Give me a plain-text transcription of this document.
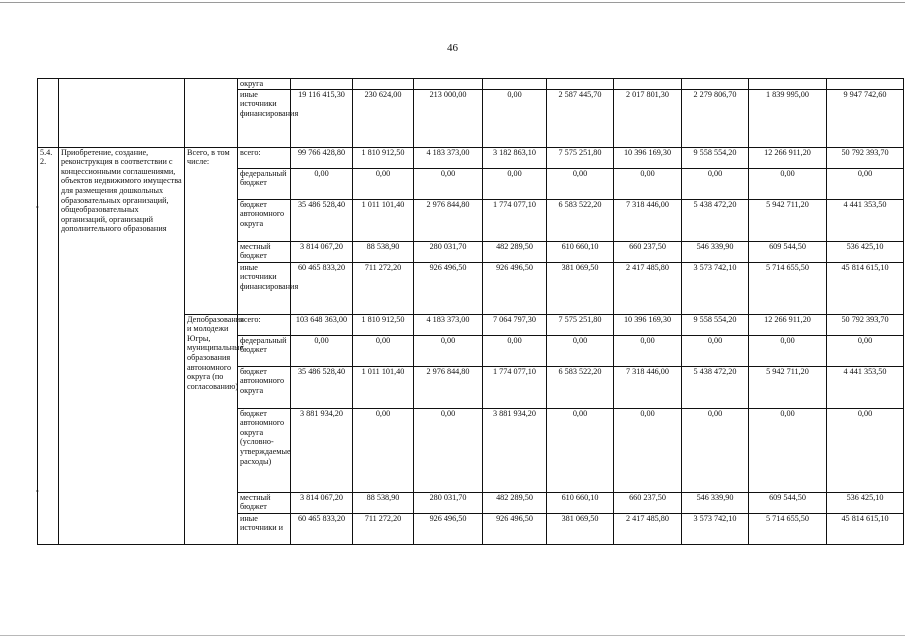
46
			округа									
			иные источники финансирования	19 116 415,30	230 624,00	213 000,00	0,00	2 587 445,70	2 017 801,30	2 279 806,70	1 839 995,00	9 947 742,60
5.4.
2.	Приобретение, создание, реконструкция в соответствии с концессионными соглашениями, объектов недвижимого имущества для размещения дошкольных образовательных организаций, общеобразовательных организаций, организаций дополнительного образования	Всего, в том числе:	всего:	99 766 428,80	1 810 912,50	4 183 373,00	3 182 863,10	7 575 251,80	10 396 169,30	9 558 554,20	12 266 911,20	50 792 393,70
			федеральный бюджет	0,00	0,00	0,00	0,00	0,00	0,00	0,00	0,00	0,00
			бюджет автономного округа	35 486 528,40	1 011 101,40	2 976 844,80	1 774 077,10	6 583 522,20	7 318 446,00	5 438 472,20	5 942 711,20	4 441 353,50
			местный бюджет	3 814 067,20	88 538,90	280 031,70	482 289,50	610 660,10	660 237,50	546 339,90	609 544,50	536 425,10
			иные источники финансирования	60 465 833,20	711 272,20	926 496,50	926 496,50	381 069,50	2 417 485,80	3 573 742,10	5 714 655,50	45 814 615,10
		Депобразования и молодежи Югры, муниципальные образования автономного округа (по согласованию)	всего:	103 648 363,00	1 810 912,50	4 183 373,00	7 064 797,30	7 575 251,80	10 396 169,30	9 558 554,20	12 266 911,20	50 792 393,70
			федеральный бюджет	0,00	0,00	0,00	0,00	0,00	0,00	0,00	0,00	0,00
			бюджет автономного округа	35 486 528,40	1 011 101,40	2 976 844,80	1 774 077,10	6 583 522,20	7 318 446,00	5 438 472,20	5 942 711,20	4 441 353,50
			бюджет автономного округа (условно-утверждаемые расходы)	3 881 934,20	0,00	0,00	3 881 934,20	0,00	0,00	0,00	0,00	0,00
			местный бюджет	3 814 067,20	88 538,90	280 031,70	482 289,50	610 660,10	660 237,50	546 339,90	609 544,50	536 425,10
			иные источники и	60 465 833,20	711 272,20	926 496,50	926 496,50	381 069,50	2 417 485,80	3 573 742,10	5 714 655,50	45 814 615,10
•
•
